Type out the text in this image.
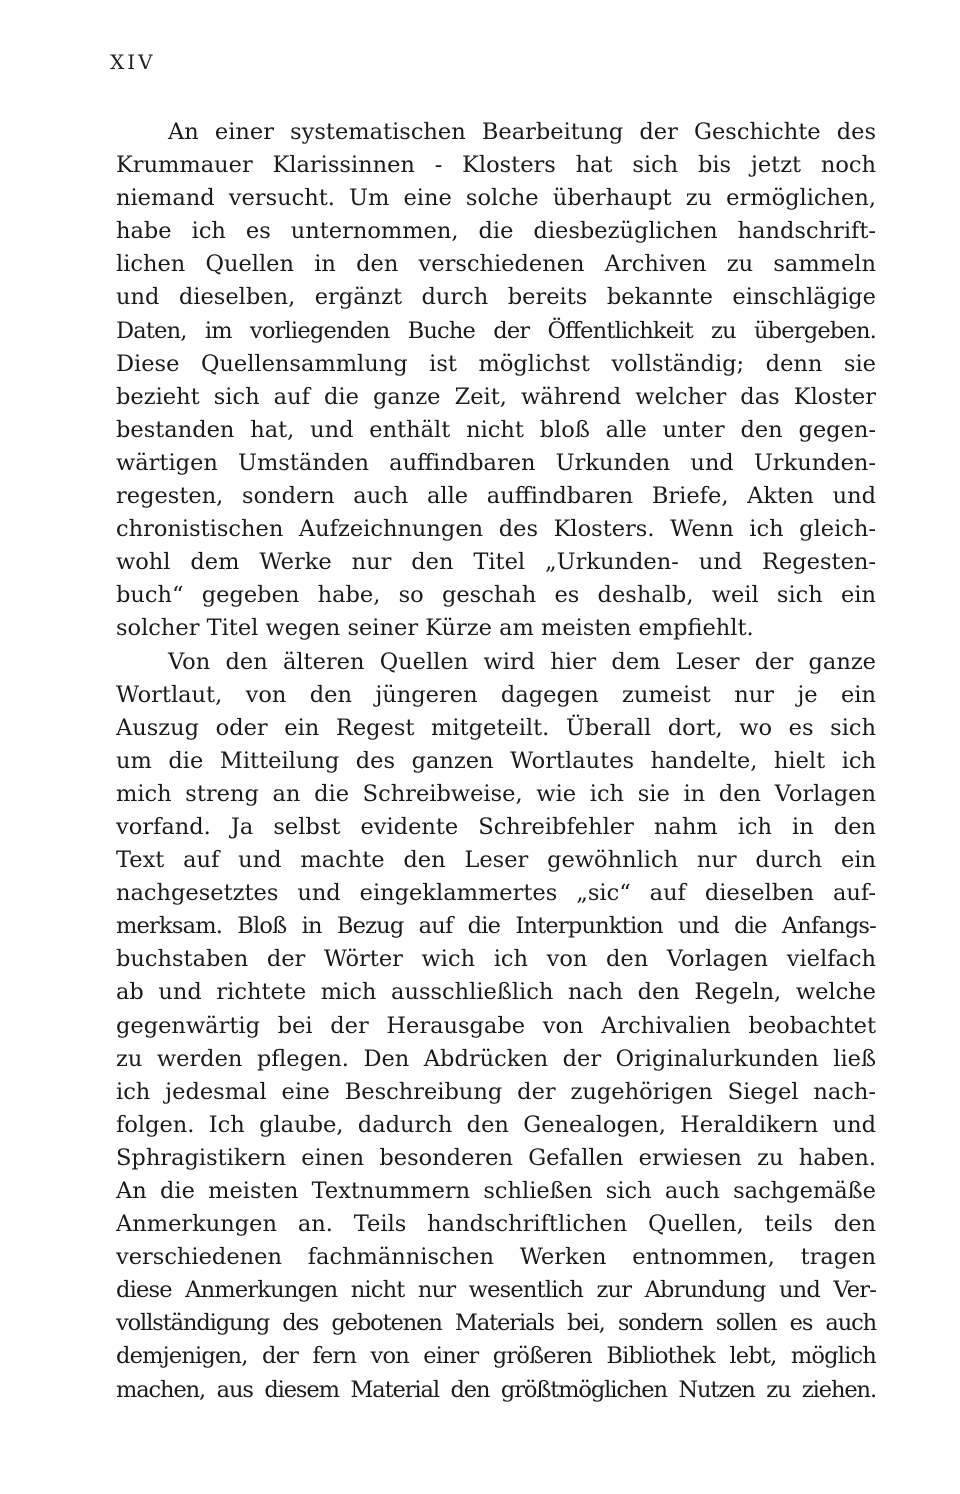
XIV
An einer systematischen Bearbeitung der Geschichte des
Krummauer Klarissinnen - Klosters hat sich bis jetzt noch
niemand versucht. Um eine solche überhaupt zu ermöglichen,
habe ich es unternommen, die diesbezüglichen handschrift-
lichen Quellen in den verschiedenen Archiven zu sammeln
und dieselben, ergänzt durch bereits bekannte einschlägige
Daten, im vorliegenden Buche der Öffentlichkeit zu übergeben.
Diese Quellensammlung ist möglichst vollständig; denn sie
bezieht sich auf die ganze Zeit, während welcher das Kloster
bestanden hat, und enthält nicht bloß alle unter den gegen-
wärtigen Umständen auffindbaren Urkunden und Urkunden-
regesten, sondern auch alle auffindbaren Briefe, Akten und
chronistischen Aufzeichnungen des Klosters. Wenn ich gleich-
wohl dem Werke nur den Titel „Urkunden- und Regesten-
buch“ gegeben habe, so geschah es deshalb, weil sich ein
solcher Titel wegen seiner Kürze am meisten empfiehlt.
Von den älteren Quellen wird hier dem Leser der ganze
Wortlaut, von den jüngeren dagegen zumeist nur je ein
Auszug oder ein Regest mitgeteilt. Überall dort, wo es sich
um die Mitteilung des ganzen Wortlautes handelte, hielt ich
mich streng an die Schreibweise, wie ich sie in den Vorlagen
vorfand. Ja selbst evidente Schreibfehler nahm ich in den
Text auf und machte den Leser gewöhnlich nur durch ein
nachgesetztes und eingeklammertes „sic“ auf dieselben auf-
merksam. Bloß in Bezug auf die Interpunktion und die Anfangs-
buchstaben der Wörter wich ich von den Vorlagen vielfach
ab und richtete mich ausschließlich nach den Regeln, welche
gegenwärtig bei der Herausgabe von Archivalien beobachtet
zu werden pflegen. Den Abdrücken der Originalurkunden ließ
ich jedesmal eine Beschreibung der zugehörigen Siegel nach-
folgen. Ich glaube, dadurch den Genealogen, Heraldikern und
Sphragistikern einen besonderen Gefallen erwiesen zu haben.
An die meisten Textnummern schließen sich auch sachgemäße
Anmerkungen an. Teils handschriftlichen Quellen, teils den
verschiedenen fachmännischen Werken entnommen, tragen
diese Anmerkungen nicht nur wesentlich zur Abrundung und Ver-
vollständigung des gebotenen Materials bei, sondern sollen es auch
demjenigen, der fern von einer größeren Bibliothek lebt, möglich
machen, aus diesem Material den größtmöglichen Nutzen zu ziehen.
